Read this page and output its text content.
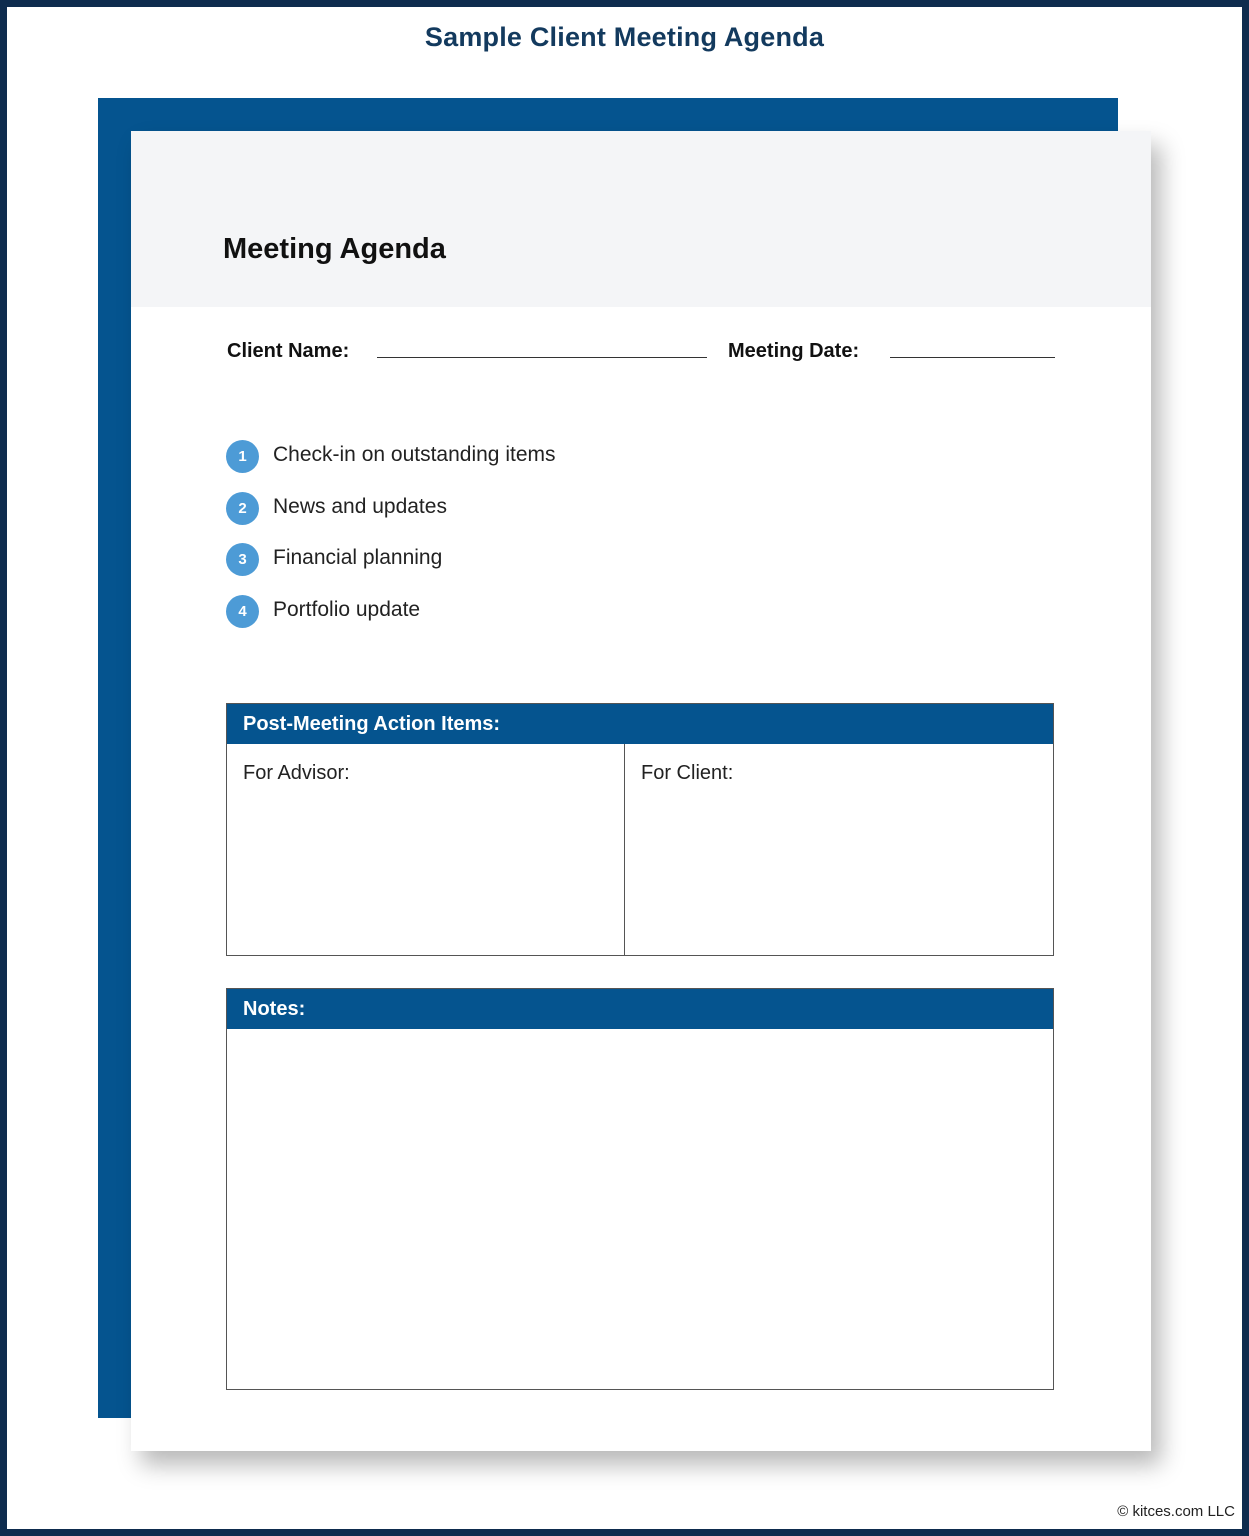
Sample Client Meeting Agenda
Meeting Agenda
Client Name:	Meeting Date:
1	Check-in on outstanding items
2	News and updates
3	Financial planning
4	Portfolio update
Post-Meeting Action Items:
For Advisor:	For Client:
Notes:
© kitces.com LLC
